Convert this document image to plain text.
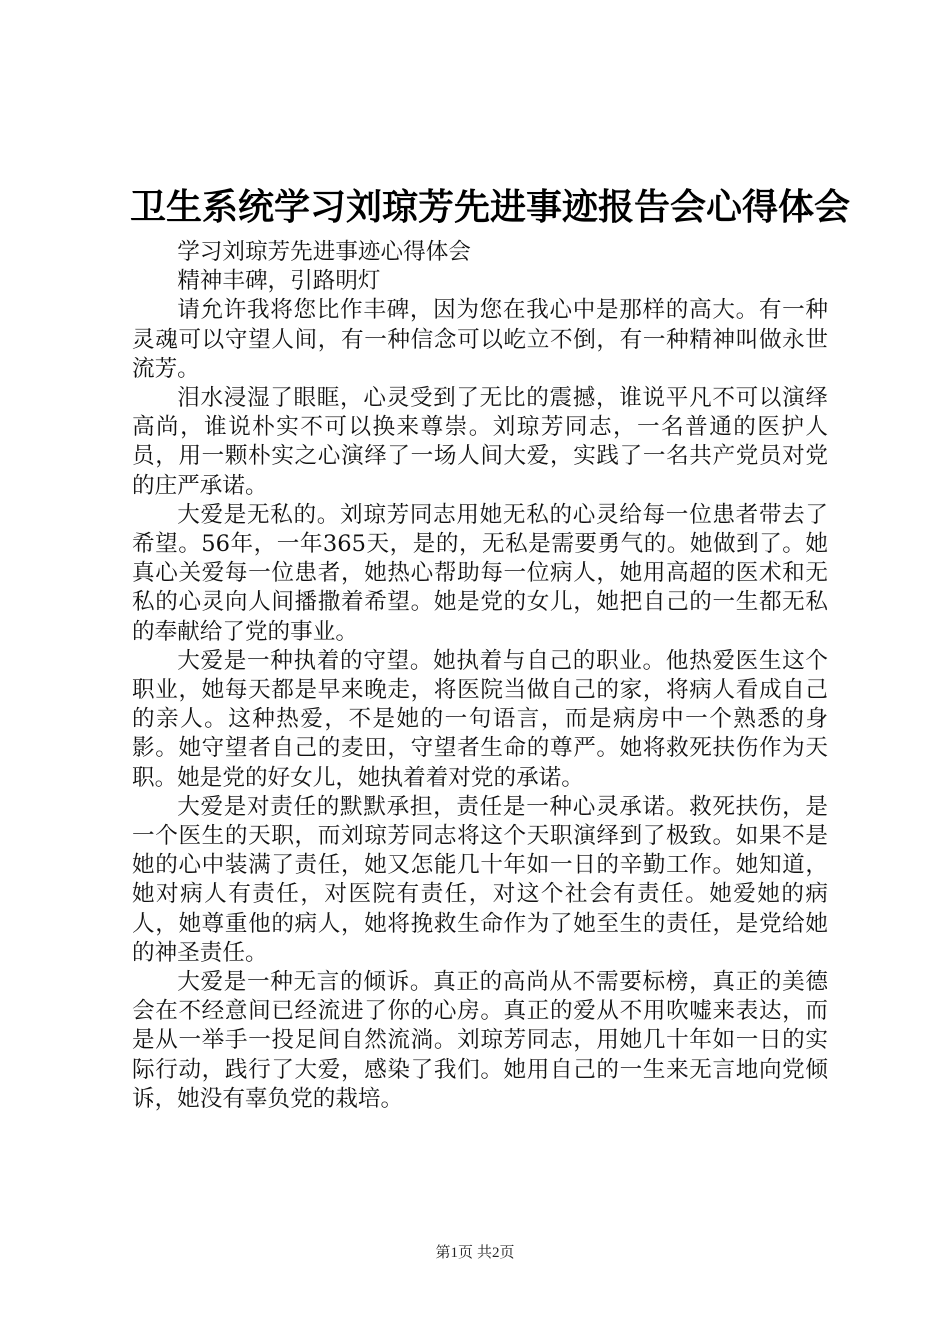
卫生系统学习刘琼芳先进事迹报告会心得体会

学习刘琼芳先进事迹心得体会

精神丰碑，引路明灯

请允许我将您比作丰碑，因为您在我心中是那样的高大。有一种灵魂可以守望人间，有一种信念可以屹立不倒，有一种精神叫做永世流芳。

泪水浸湿了眼眶，心灵受到了无比的震撼，谁说平凡不可以演绎高尚，谁说朴实不可以换来尊崇。刘琼芳同志，一名普通的医护人员，用一颗朴实之心演绎了一场人间大爱，实践了一名共产党员对党的庄严承诺。

大爱是无私的。刘琼芳同志用她无私的心灵给每一位患者带去了希望。56年，一年365天，是的，无私是需要勇气的。她做到了。她真心关爱每一位患者，她热心帮助每一位病人，她用高超的医术和无私的心灵向人间播撒着希望。她是党的女儿，她把自己的一生都无私的奉献给了党的事业。

大爱是一种执着的守望。她执着与自己的职业。他热爱医生这个职业，她每天都是早来晚走，将医院当做自己的家，将病人看成自己的亲人。这种热爱，不是她的一句语言，而是病房中一个熟悉的身影。她守望者自己的麦田，守望者生命的尊严。她将救死扶伤作为天职。她是党的好女儿，她执着着对党的承诺。

大爱是对责任的默默承担，责任是一种心灵承诺。救死扶伤，是一个医生的天职，而刘琼芳同志将这个天职演绎到了极致。如果不是她的心中装满了责任，她又怎能几十年如一日的辛勤工作。她知道，她对病人有责任，对医院有责任，对这个社会有责任。她爱她的病人，她尊重他的病人，她将挽救生命作为了她至生的责任，是党给她的神圣责任。

大爱是一种无言的倾诉。真正的高尚从不需要标榜，真正的美德会在不经意间已经流进了你的心房。真正的爱从不用吹嘘来表达，而是从一举手一投足间自然流淌。刘琼芳同志，用她几十年如一日的实际行动，践行了大爱，感染了我们。她用自己的一生来无言地向党倾诉，她没有辜负党的栽培。

第1页 共2页
